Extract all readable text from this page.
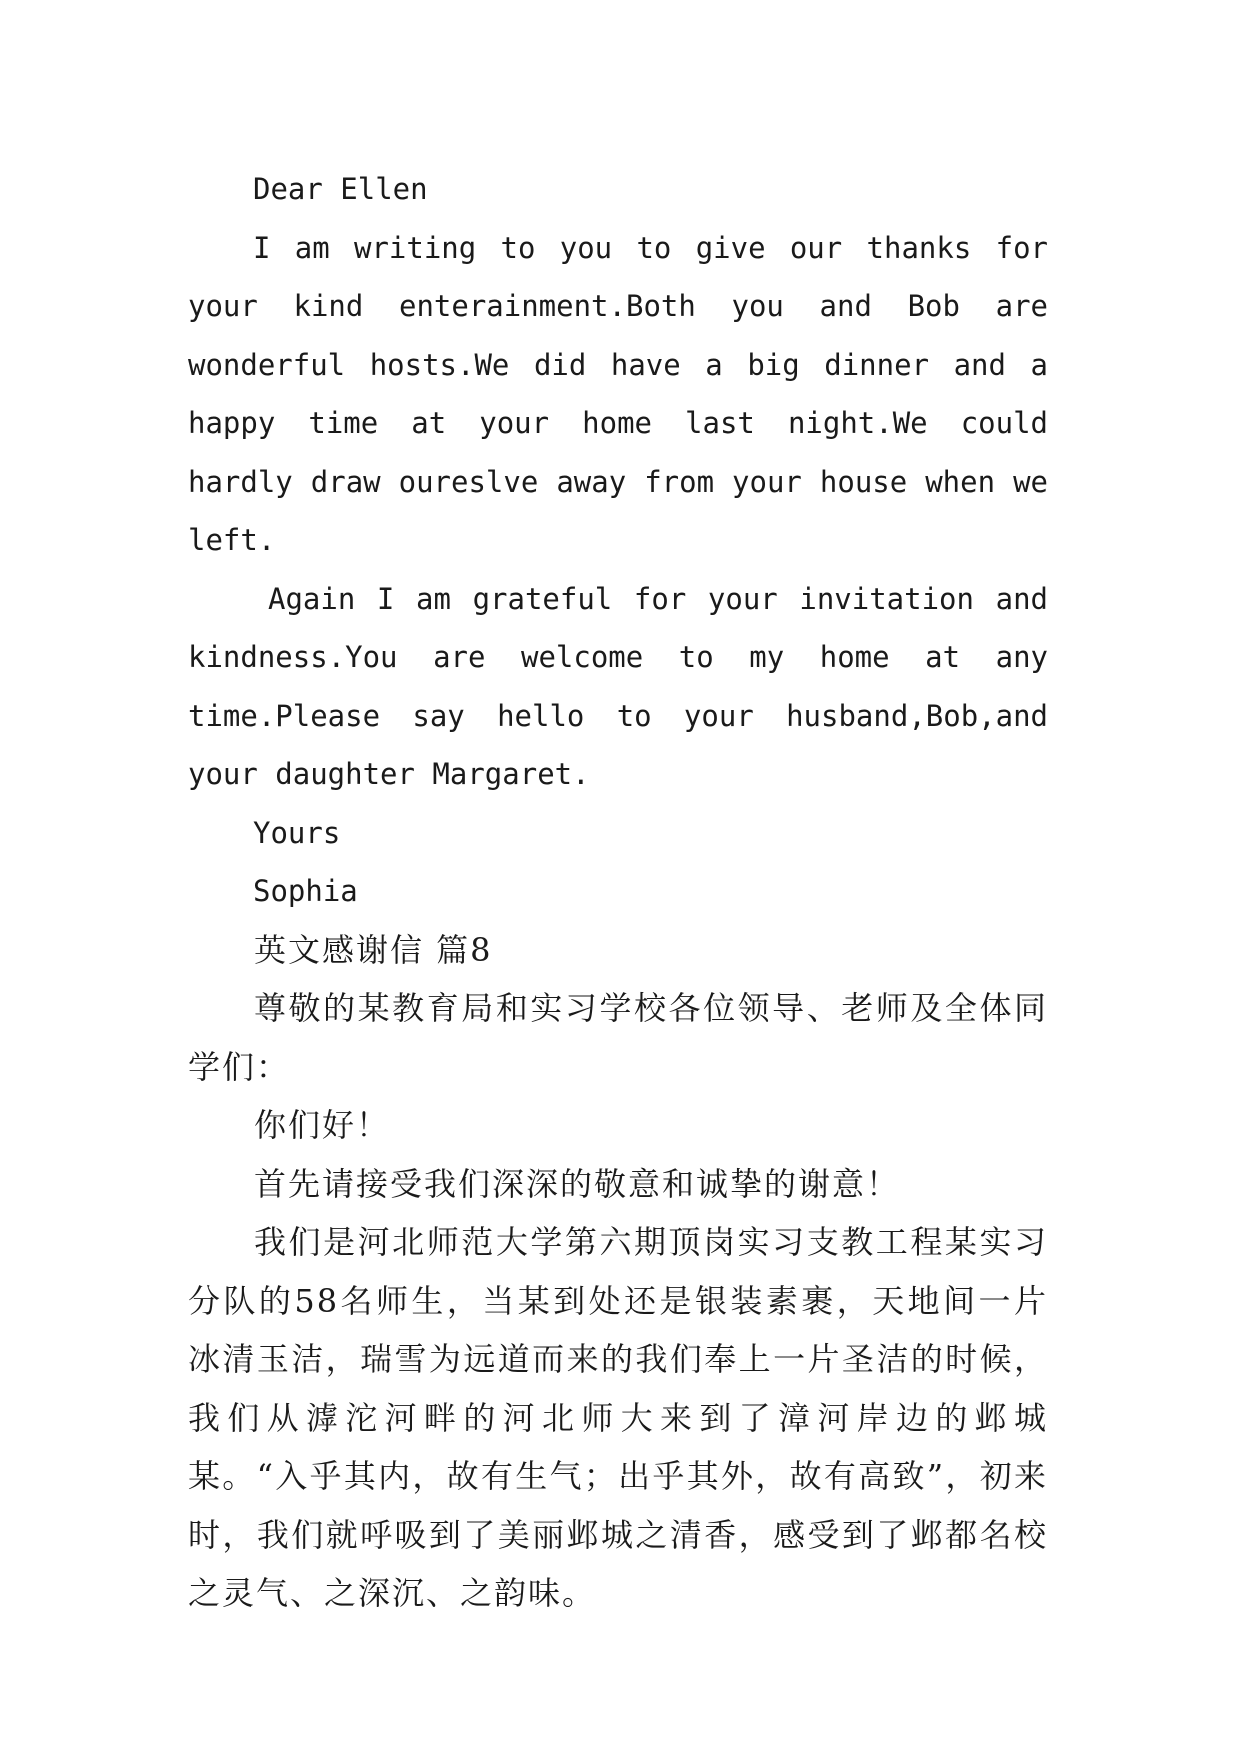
Dear Ellen

I am writing to you to give our thanks for your kind enterainment.Both you and Bob are wonderful hosts.We did have a big dinner and a happy time at your home last night.We could hardly draw oureslve away from your house when we left.

Again I am grateful for your invitation and kindness.You are welcome to my home at any time.Please say hello to your husband,Bob,and your daughter Margaret.

Yours

Sophia

英文感谢信 篇8

尊敬的某教育局和实习学校各位领导、老师及全体同学们：

你们好！

首先请接受我们深深的敬意和诚挚的谢意！

我们是河北师范大学第六期顶岗实习支教工程某实习分队的58名师生，当某到处还是银装素裹，天地间一片冰清玉洁，瑞雪为远道而来的我们奉上一片圣洁的时候，我们从滹沱河畔的河北师大来到了漳河岸边的邺城某。“入乎其内，故有生气；出乎其外，故有高致”，初来时，我们就呼吸到了美丽邺城之清香，感受到了邺都名校之灵气、之深沉、之韵味。
